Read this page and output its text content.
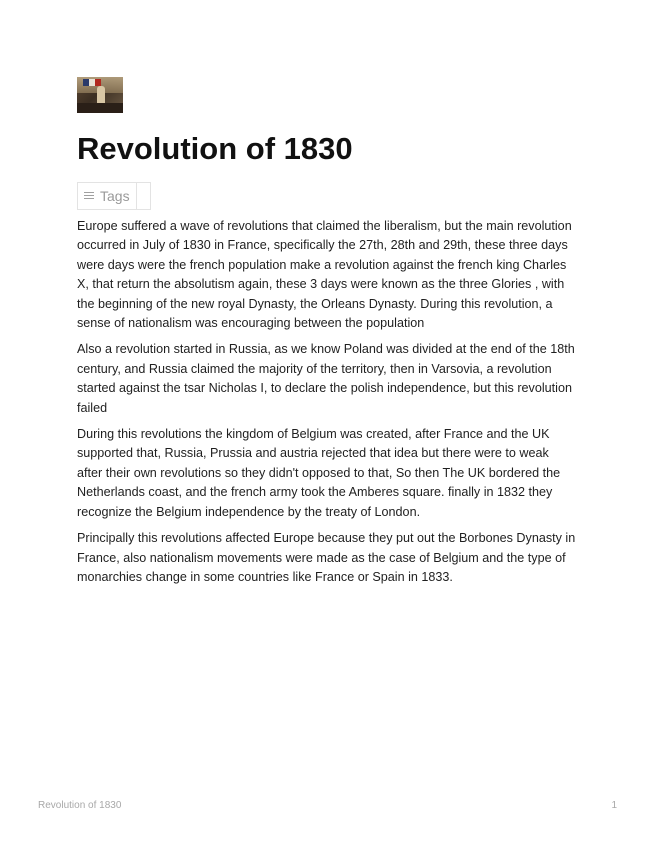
Revolution of 1830
Tags

Europe suffered a wave of revolutions that claimed the liberalism, but the main revolution occurred in July of 1830 in France, specifically the 27th, 28th and 29th, these three days were days were the french population make a revolution against the french king Charles X, that return the absolutism again, these 3 days were known as the three Glories , with the beginning of the new royal Dynasty, the Orleans Dynasty. During this revolution, a sense of nationalism was encouraging between the population

Also a revolution started in Russia, as we know Poland was divided at the end of the 18th century, and Russia claimed the majority of the territory, then in Varsovia, a revolution started against the tsar Nicholas I, to declare the polish independence, but this revolution failed

During this revolutions the kingdom of Belgium was created, after France and the UK supported that, Russia, Prussia and austria rejected that idea but there were to weak after their own revolutions so they didn't opposed to that, So then The UK bordered the Netherlands coast, and the french army took the Amberes square. finally in 1832 they recognize the Belgium independence by the treaty of London.

Principally this revolutions affected Europe because they put out the Borbones Dynasty in France, also nationalism movements were made as the case of Belgium and the type of monarchies change in some countries like France or Spain in 1833.

Revolution of 1830	1
